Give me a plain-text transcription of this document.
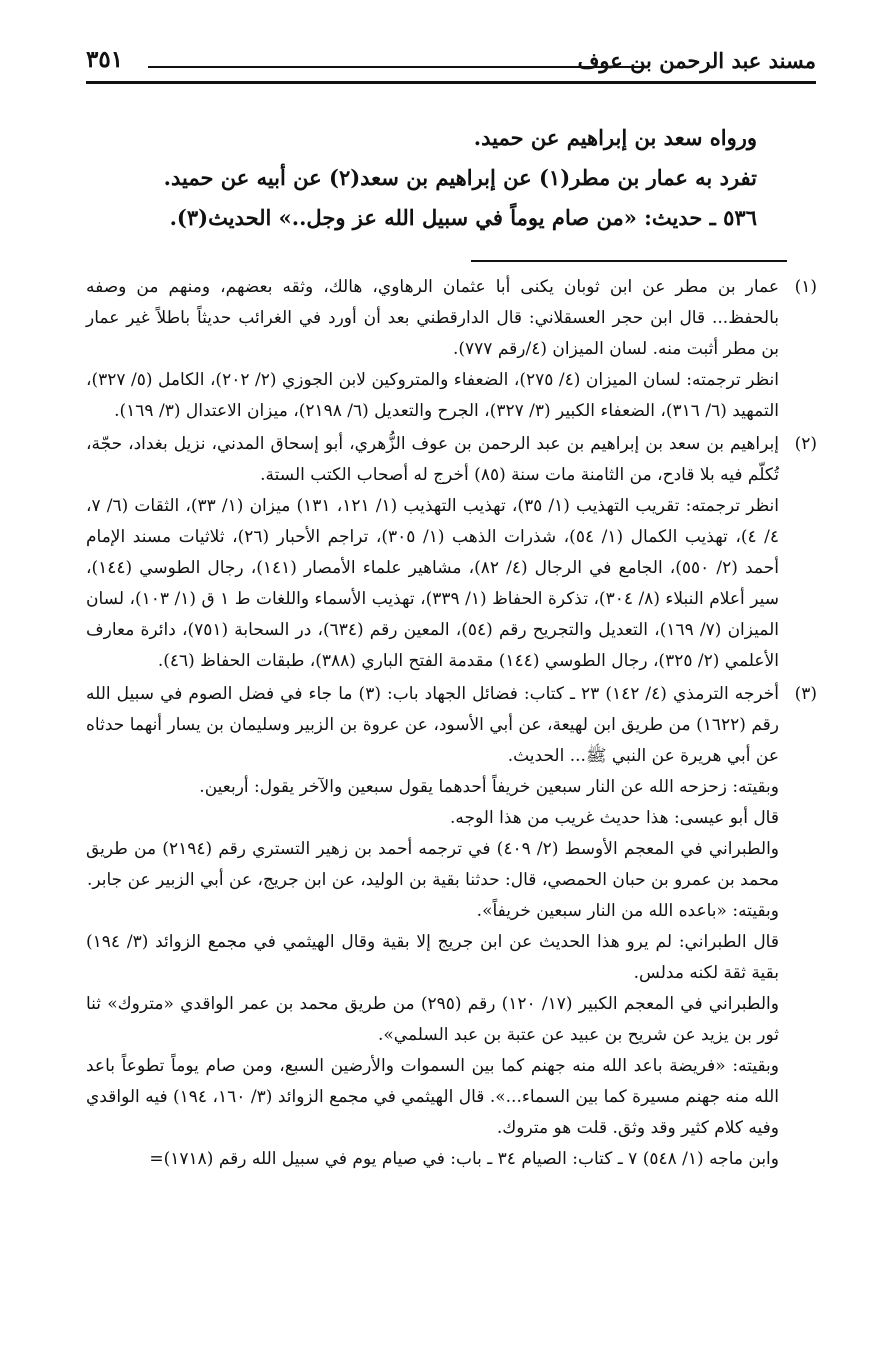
مسند عبد الرحمن بن عوف
٣٥١

ورواه سعد بن إبراهيم عن حميد.

تفرد به عمار بن مطر(١) عن إبراهيم بن سعد(٢) عن أبيه عن حميد.

٥٣٦ ـ حديث: «من صام يوماً في سبيل الله عز وجل..» الحديث(٣).

(١)

عمار بن مطر عن ابن ثوبان يكنى أبا عثمان الرهاوي، هالك، وثقه بعضهم، ومنهم من وصفه بالحفظ... قال ابن حجر العسقلاني: قال الدارقطني بعد أن أورد في الغرائب حديثاً باطلاً غير عمار بن مطر أثبت منه. لسان الميزان (٤/رقم ٧٧٧).

انظر ترجمته: لسان الميزان (٤/ ٢٧٥)، الضعفاء والمتروكين لابن الجوزي (٢/ ٢٠٢)، الكامل (٥/ ٣٢٧)، التمهيد (٦/ ٣١٦)، الضعفاء الكبير (٣/ ٣٢٧)، الجرح والتعديل (٦/ ٢١٩٨)، ميزان الاعتدال (٣/ ١٦٩).

(٢)

إبراهيم بن سعد بن إبراهيم بن عبد الرحمن بن عوف الزُّهري، أبو إسحاق المدني، نزيل بغداد، حجّة، تُكلّم فيه بلا قادح، من الثامنة مات سنة (٨٥) أخرج له أصحاب الكتب الستة.

انظر ترجمته: تقريب التهذيب (١/ ٣٥)، تهذيب التهذيب (١/ ١٢١، ١٣١) ميزان (١/ ٣٣)، الثقات (٦/ ٧، ٤/ ٤)، تهذيب الكمال (١/ ٥٤)، شذرات الذهب (١/ ٣٠٥)، تراجم الأحبار (٢٦)، ثلاثيات مسند الإمام أحمد (٢/ ٥٥٠)، الجامع في الرجال (٤/ ٨٢)، مشاهير علماء الأمصار (١٤١)، رجال الطوسي (١٤٤)، سير أعلام النبلاء (٨/ ٣٠٤)، تذكرة الحفاظ (١/ ٣٣٩)، تهذيب الأسماء واللغات ط ١ ق (١/ ١٠٣)، لسان الميزان (٧/ ١٦٩)، التعديل والتجريح رقم (٥٤)، المعين رقم (٦٣٤)، در السحابة (٧٥١)، دائرة معارف الأعلمي (٢/ ٣٢٥)، رجال الطوسي (١٤٤) مقدمة الفتح الباري (٣٨٨)، طبقات الحفاظ (٤٦).

(٣)

أخرجه الترمذي (٤/ ١٤٢) ٢٣ ـ كتاب: فضائل الجهاد باب: (٣) ما جاء في فضل الصوم في سبيل الله رقم (١٦٢٢) من طريق ابن لهيعة، عن أبي الأسود، عن عروة بن الزبير وسليمان بن يسار أنهما حدثاه عن أبي هريرة عن النبي ﷺ... الحديث.

وبقيته: زحزحه الله عن النار سبعين خريفاً أحدهما يقول سبعين والآخر يقول: أربعين.

قال أبو عيسى: هذا حديث غريب من هذا الوجه.

والطبراني في المعجم الأوسط (٢/ ٤٠٩) في ترجمه أحمد بن زهير التستري رقم (٢١٩٤) من طريق محمد بن عمرو بن حبان الحمصي، قال: حدثنا بقية بن الوليد، عن ابن جريج، عن أبي الزبير عن جابر.

وبقيته: «باعده الله من النار سبعين خريفاً».

قال الطبراني: لم يرو هذا الحديث عن ابن جريج إلا بقية وقال الهيثمي في مجمع الزوائد (٣/ ١٩٤) بقية ثقة لكنه مدلس.

والطبراني في المعجم الكبير (١٧/ ١٢٠) رقم (٢٩٥) من طريق محمد بن عمر الواقدي «متروك» ثنا ثور بن يزيد عن شريح بن عبيد عن عتبة بن عبد السلمي».

وبقيته: «فريضة باعد الله منه جهنم كما بين السموات والأرضين السبع، ومن صام يوماً تطوعاً باعد الله منه جهنم مسيرة كما بين السماء...». قال الهيثمي في مجمع الزوائد (٣/ ١٦٠، ١٩٤) فيه الواقدي وفيه كلام كثير وقد وثق. قلت هو متروك.

وابن ماجه (١/ ٥٤٨) ٧ ـ كتاب: الصيام ٣٤ ـ باب: في صيام يوم في سبيل الله رقم (١٧١٨)=
